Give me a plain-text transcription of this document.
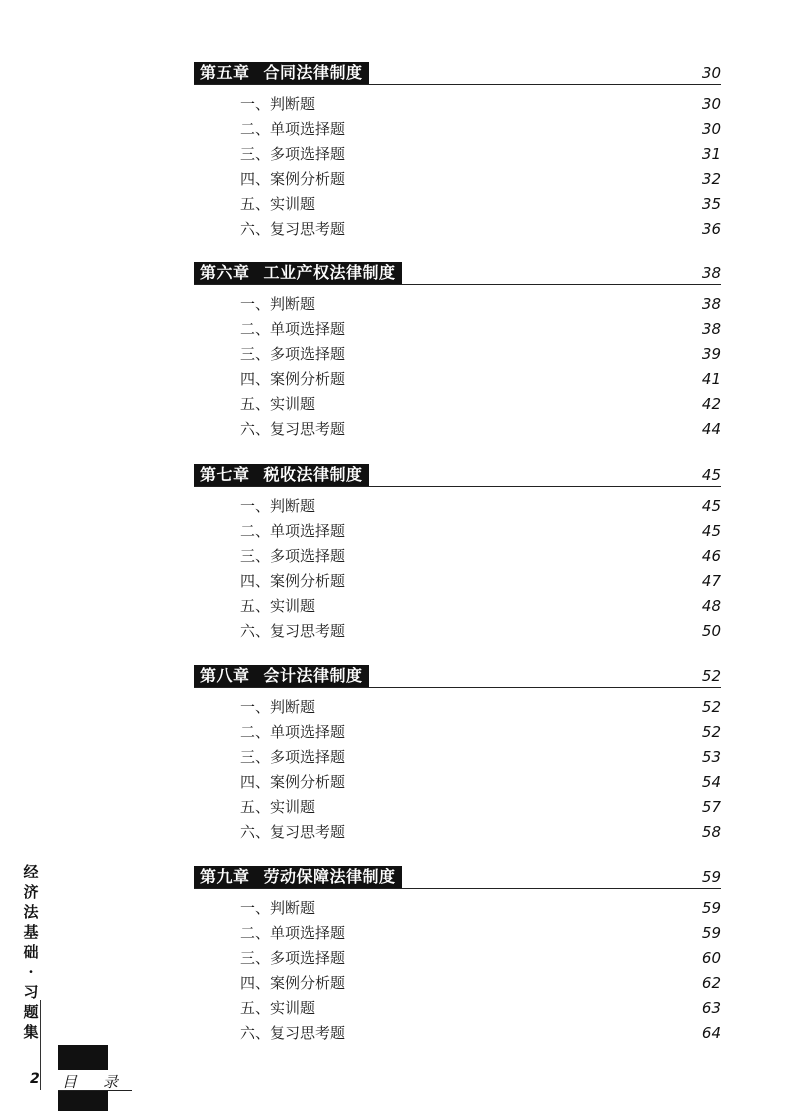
第五章 合同法律制度	30
一、判断题	30
二、单项选择题	30
三、多项选择题	31
四、案例分析题	32
五、实训题	35
六、复习思考题	36
第六章 工业产权法律制度	38
一、判断题	38
二、单项选择题	38
三、多项选择题	39
四、案例分析题	41
五、实训题	42
六、复习思考题	44
第七章 税收法律制度	45
一、判断题	45
二、单项选择题	45
三、多项选择题	46
四、案例分析题	47
五、实训题	48
六、复习思考题	50
第八章 会计法律制度	52
一、判断题	52
二、单项选择题	52
三、多项选择题	53
四、案例分析题	54
五、实训题	57
六、复习思考题	58
第九章 劳动保障法律制度	59
一、判断题	59
二、单项选择题	59
三、多项选择题	60
四、案例分析题	62
五、实训题	63
六、复习思考题	64
经
济
法
基
础
·
习
题
集
2 目录
